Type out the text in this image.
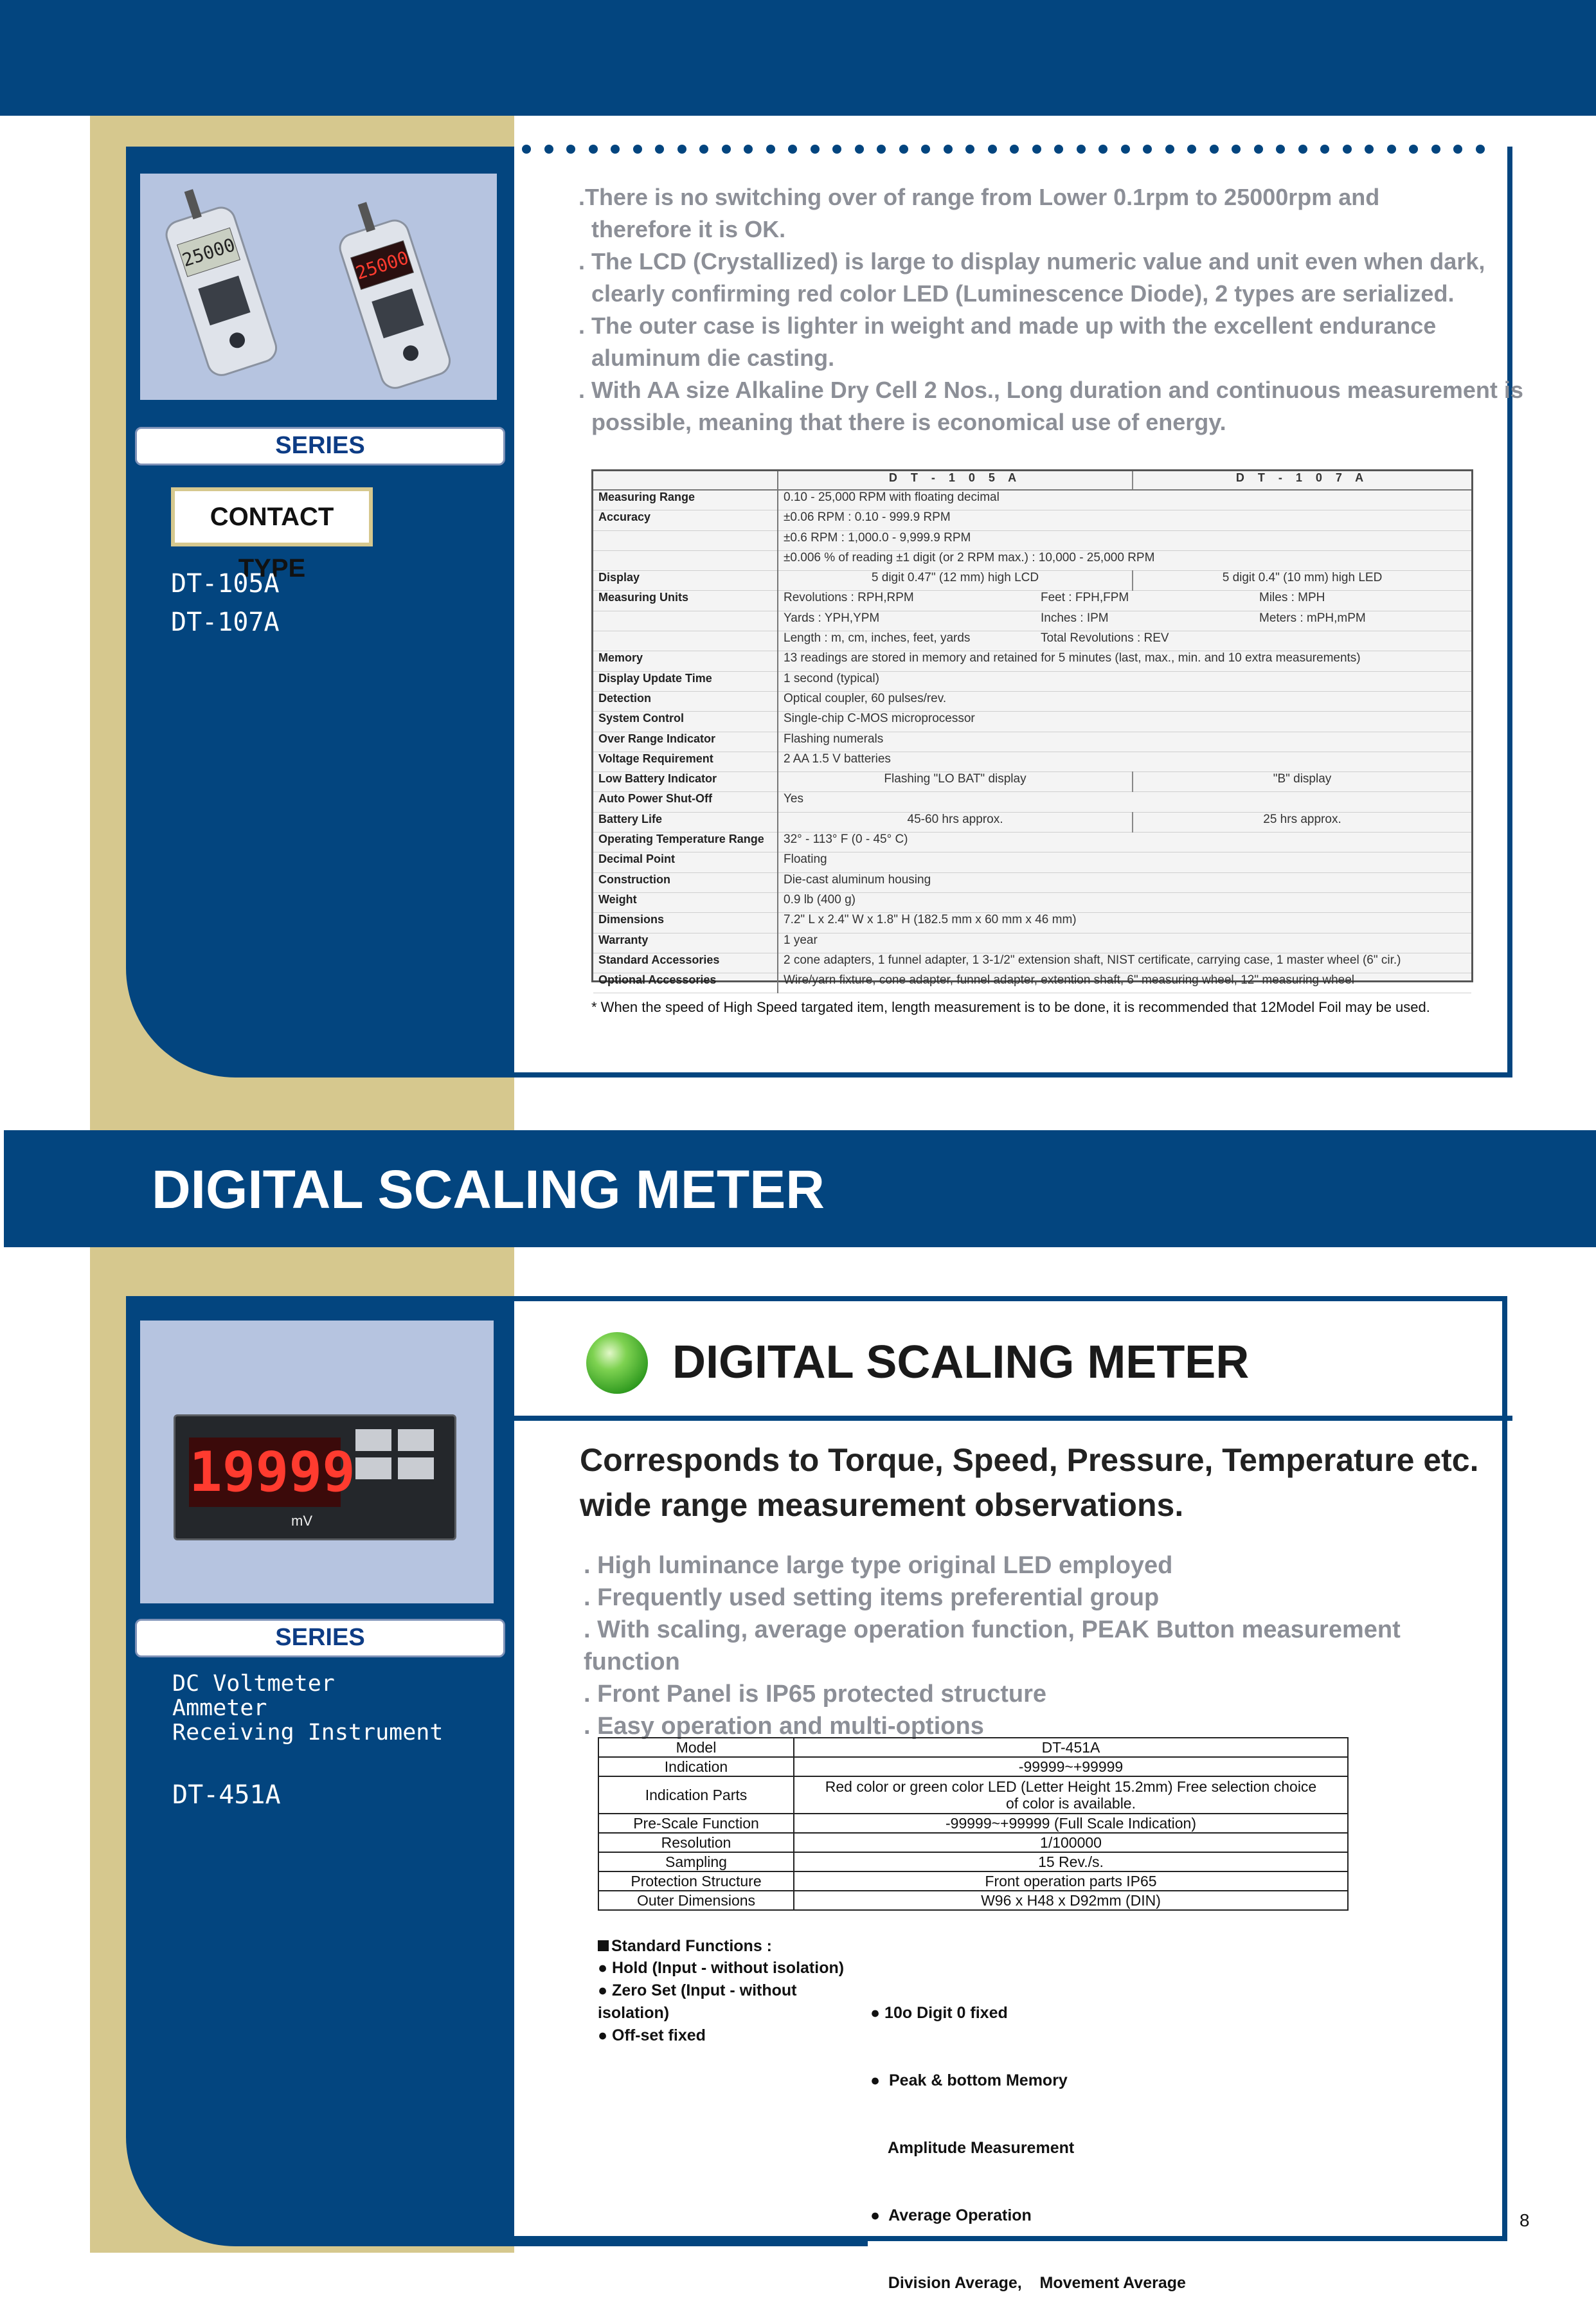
25000	25000
SERIES
CONTACT TYPE
DT-105A
DT-107A
.There is no switching over of range from Lower 0.1rpm to 25000rpm and
therefore it is OK.
. The LCD (Crystallized) is large to display numeric value and unit even when dark,
clearly confirming red color LED (Luminescence Diode), 2 types are serialized.
. The outer case is lighter in weight and made up with the excellent endurance
aluminum die casting.
. With AA size Alkaline Dry Cell 2 Nos., Long duration and continuous measurement is
possible, meaning that there is economical use of energy.
	D T - 1 0 5 A	D T - 1 0 7 A
Measuring Range	0.10 - 25,000 RPM with floating decimal	
Accuracy	±0.06 RPM : 0.10 - 999.9 RPM	
	±0.6 RPM : 1,000.0 - 9,999.9 RPM	
	±0.006 % of reading ±1 digit (or 2 RPM max.) : 10,000 - 25,000 RPM	
Display	5 digit 0.47" (12 mm) high LCD	5 digit 0.4" (10 mm) high LED
Measuring Units	Revolutions : RPH,RPM Feet : FPH,FPM Miles : MPH	
	Yards : YPH,YPM Inches : IPM Meters : mPH,mPM	
	Length : m, cm, inches, feet, yards Total Revolutions : REV	
Memory	13 readings are stored in memory and retained for 5 minutes (last, max., min. and 10 extra measurements)	
Display Update Time	1 second (typical)	
Detection	Optical coupler, 60 pulses/rev.	
System Control	Single-chip C-MOS microprocessor	
Over Range Indicator	Flashing numerals	
Voltage Requirement	2 AA 1.5 V batteries	
Low Battery Indicator	Flashing "LO BAT" display	"B" display
Auto Power Shut-Off	Yes	
Battery Life	45-60 hrs approx.	25 hrs approx.
Operating Temperature Range	32° - 113° F (0 - 45° C)	
Decimal Point	Floating	
Construction	Die-cast aluminum housing	
Weight	0.9 lb (400 g)	
Dimensions	7.2" L x 2.4" W x 1.8" H (182.5 mm x 60 mm x 46 mm)	
Warranty	1 year	
Standard Accessories	2 cone adapters, 1 funnel adapter, 1 3-1/2" extension shaft, NIST certificate, carrying case, 1 master wheel (6" cir.)	
Optional Accessories	Wire/yarn fixture, cone adapter, funnel adapter, extention shaft, 6" measuring wheel, 12" measuring wheel	
* When the speed of High Speed targated item, length measurement is to be done, it is recommended that 12Model Foil may be used.
DIGITAL SCALING METER
DIGITAL SCALING METER
mV
19999
SERIES
DC Voltmeter
Ammeter
Receiving Instrument
DT-451A
Corresponds to Torque, Speed, Pressure, Temperature etc.
wide range measurement observations.
. High luminance large type original LED employed
. Frequently used setting items preferential group
. With scaling, average operation function, PEAK Button measurement function
. Front Panel is IP65 protected structure
. Easy operation and multi-options
Model	DT-451A
Indication	-99999~+99999
Indication Parts	Red color or green color LED (Letter Height 15.2mm) Free selection choice of color is available.
Pre-Scale Function	-99999~+99999 (Full Scale Indication)
Resolution	1/100000
Sampling	15 Rev./s.
Protection Structure	Front operation parts IP65
Outer Dimensions	W96 x H48 x D92mm (DIN)
Standard Functions :
● Hold (Input - without isolation)
● Zero Set (Input - without isolation)
● Off-set fixed

● 10o Digit 0 fixed

●  Peak & bottom Memory

Amplitude Measurement

●  Average Operation

Division Average,    Movement Average

8
